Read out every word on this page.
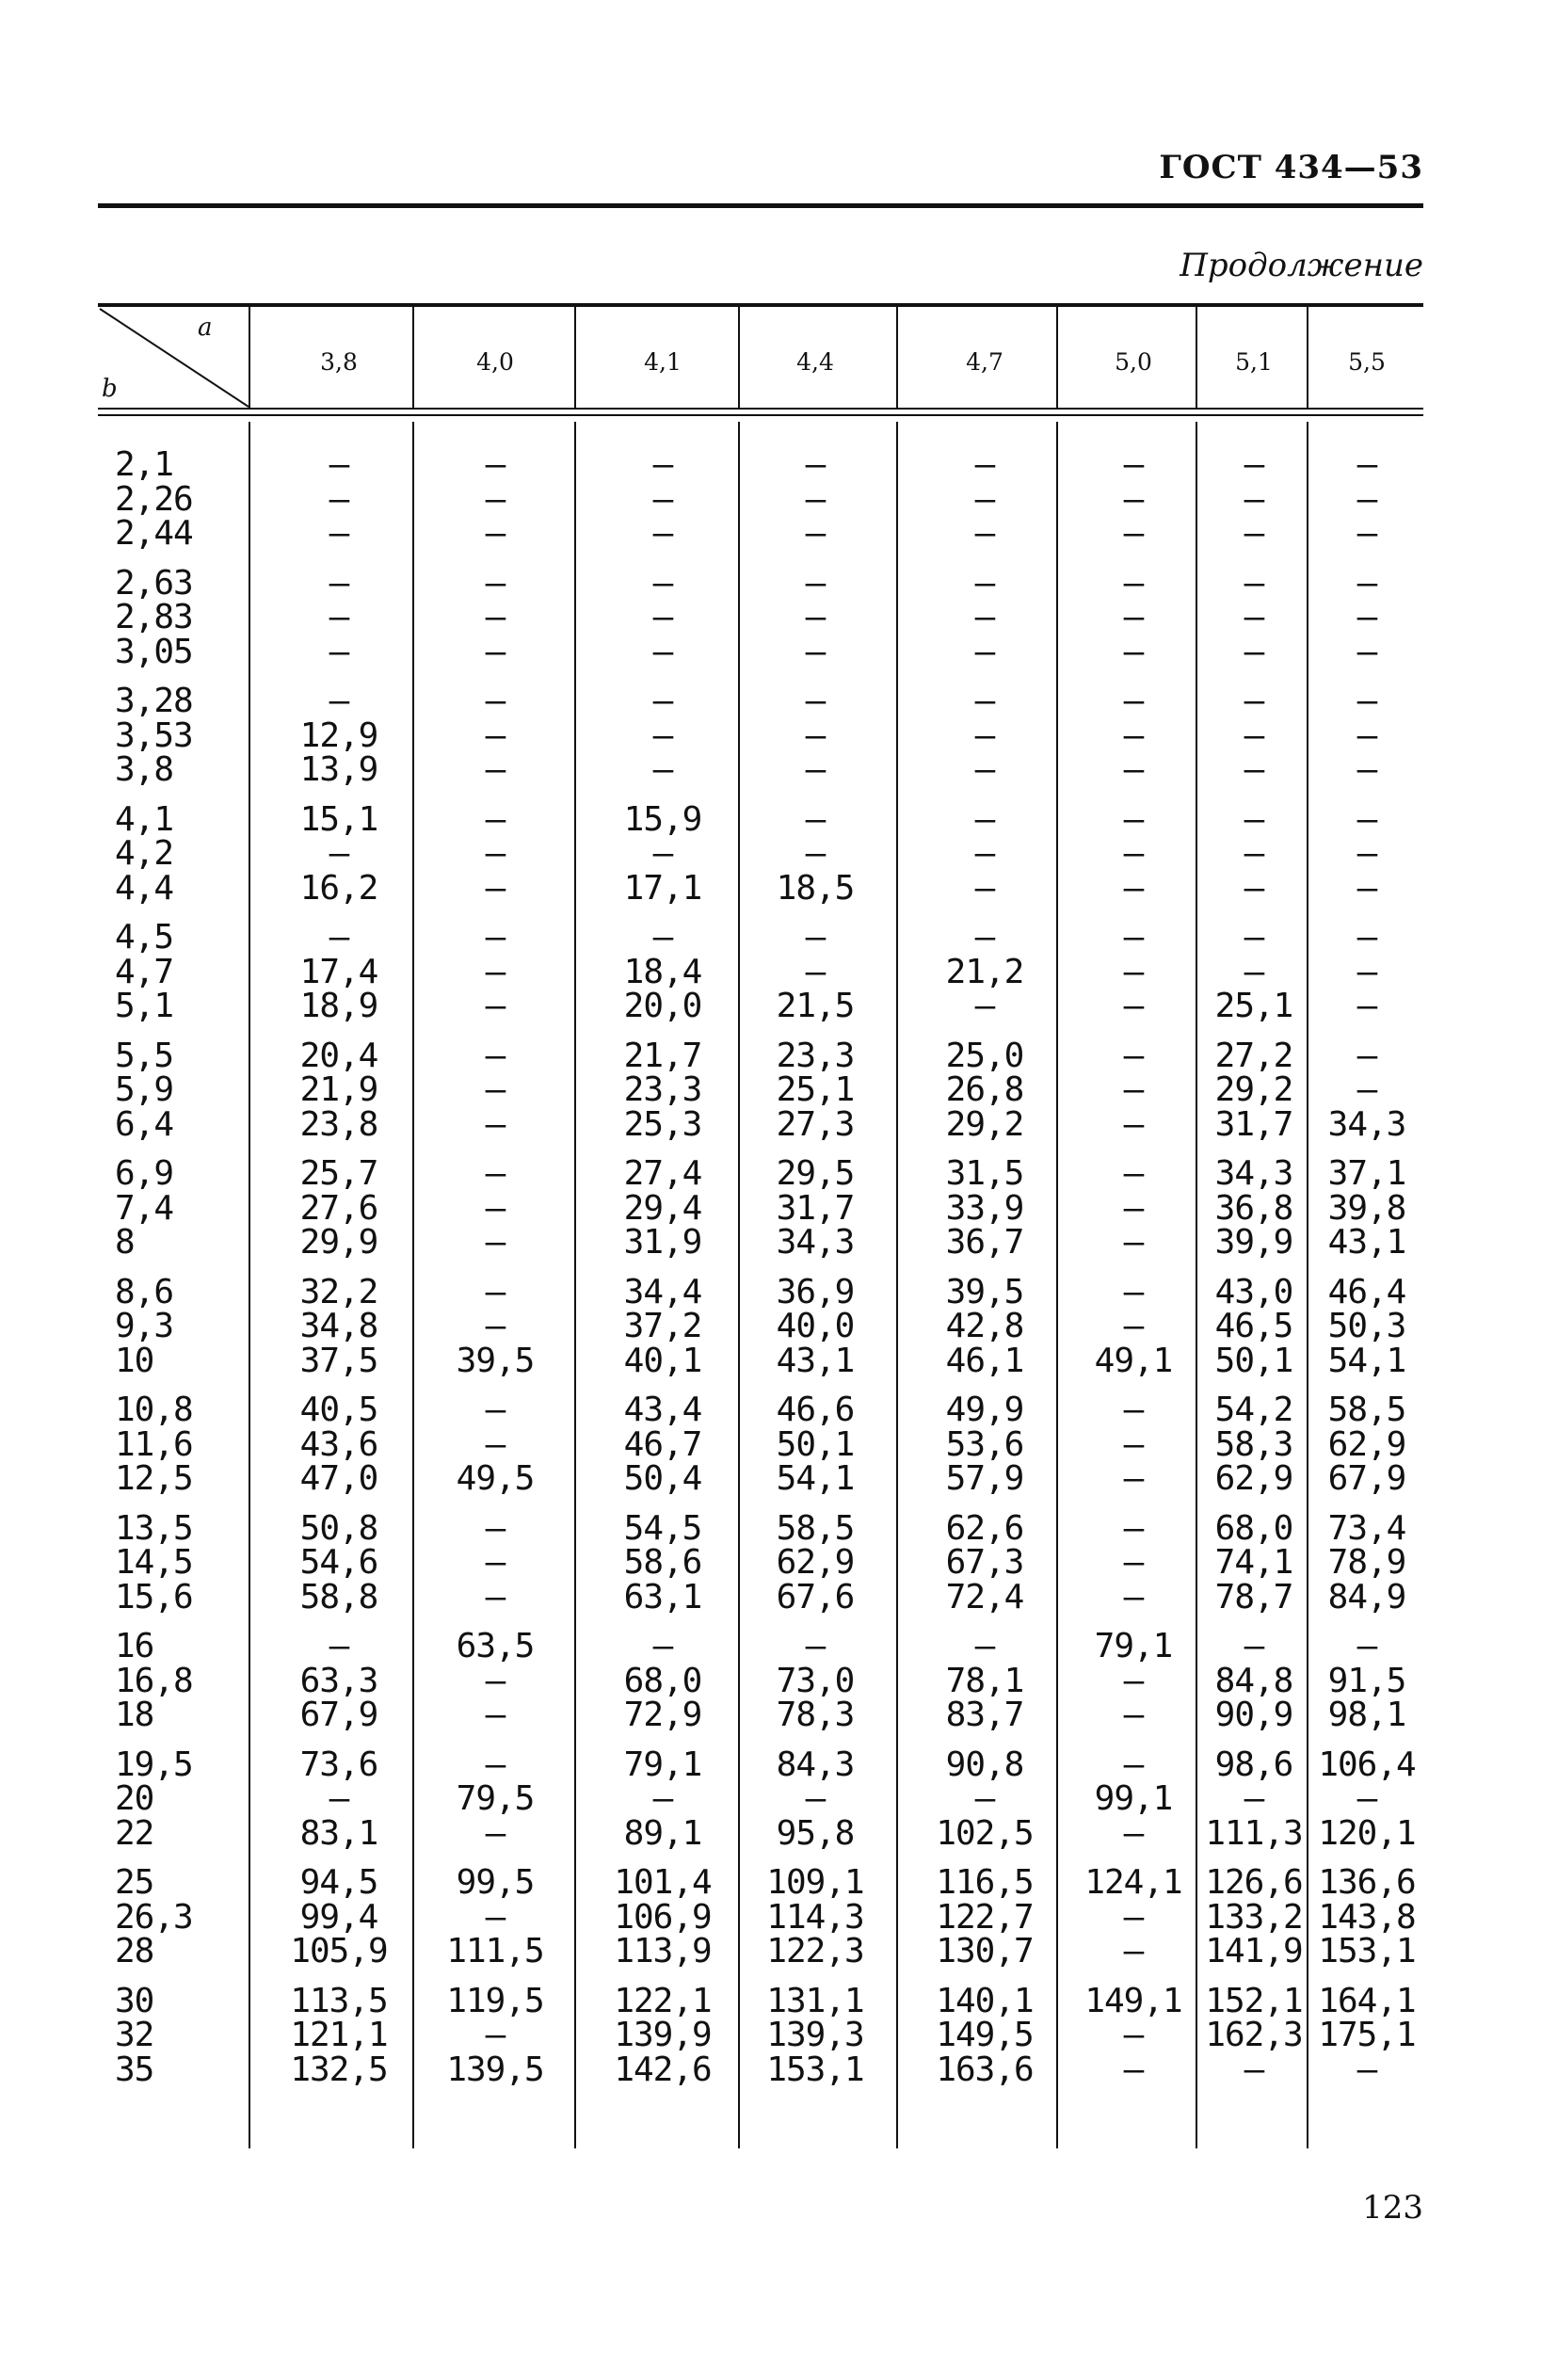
ГОСТ 434—53
Продолжение
a
b
3,8	4,0	4,1	4,4	4,7	5,0	5,1	5,5
2,1	—	—	—	—	—	—	—	—
2,26	—	—	—	—	—	—	—	—
2,44	—	—	—	—	—	—	—	—
2,63	—	—	—	—	—	—	—	—
2,83	—	—	—	—	—	—	—	—
3,05	—	—	—	—	—	—	—	—
3,28	—	—	—	—	—	—	—	—
3,53	12,9	—	—	—	—	—	—	—
3,8	13,9	—	—	—	—	—	—	—
4,1	15,1	—	15,9	—	—	—	—	—
4,2	—	—	—	—	—	—	—	—
4,4	16,2	—	17,1	18,5	—	—	—	—
4,5	—	—	—	—	—	—	—	—
4,7	17,4	—	18,4	—	21,2	—	—	—
5,1	18,9	—	20,0	21,5	—	—	25,1	—
5,5	20,4	—	21,7	23,3	25,0	—	27,2	—
5,9	21,9	—	23,3	25,1	26,8	—	29,2	—
6,4	23,8	—	25,3	27,3	29,2	—	31,7	34,3
6,9	25,7	—	27,4	29,5	31,5	—	34,3	37,1
7,4	27,6	—	29,4	31,7	33,9	—	36,8	39,8
8	29,9	—	31,9	34,3	36,7	—	39,9	43,1
8,6	32,2	—	34,4	36,9	39,5	—	43,0	46,4
9,3	34,8	—	37,2	40,0	42,8	—	46,5	50,3
10	37,5	39,5	40,1	43,1	46,1	49,1	50,1	54,1
10,8	40,5	—	43,4	46,6	49,9	—	54,2	58,5
11,6	43,6	—	46,7	50,1	53,6	—	58,3	62,9
12,5	47,0	49,5	50,4	54,1	57,9	—	62,9	67,9
13,5	50,8	—	54,5	58,5	62,6	—	68,0	73,4
14,5	54,6	—	58,6	62,9	67,3	—	74,1	78,9
15,6	58,8	—	63,1	67,6	72,4	—	78,7	84,9
16	—	63,5	—	—	—	79,1	—	—
16,8	63,3	—	68,0	73,0	78,1	—	84,8	91,5
18	67,9	—	72,9	78,3	83,7	—	90,9	98,1
19,5	73,6	—	79,1	84,3	90,8	—	98,6 106,4
20	—	79,5	—	—	—	99,1	—	—
22	83,1	—	89,1	95,8	102,5	—	111,3 120,1
25	94,5	99,5	101,4	109,1	116,5	124,1 126,6 136,6
26,3	99,4	—	106,9	114,3	122,7	—	133,2 143,8
28	105,9	111,5	113,9	122,3	130,7	—	141,9 153,1
30	113,5	119,5	122,1	131,1	140,1	149,1 152,1 164,1
32	121,1	—	139,9	139,3	149,5	—	162,3 175,1
35	132,5	139,5	142,6	153,1	163,6	—	—	—
123
